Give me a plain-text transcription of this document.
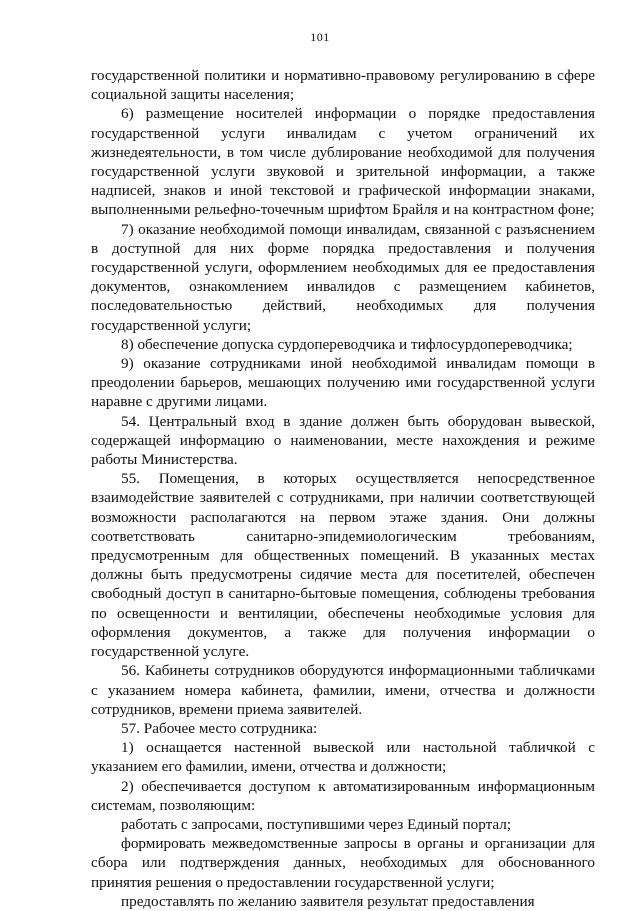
101

государственной политики и нормативно-правовому регулированию в сфере социальной защиты населения;

6) размещение носителей информации о порядке предоставления государственной услуги инвалидам с учетом ограничений их жизнедеятельности, в том числе дублирование необходимой для получения государственной услуги звуковой и зрительной информации, а также надписей, знаков и иной текстовой и графической информации знаками, выполненными рельефно-точечным шрифтом Брайля и на контрастном фоне;

7) оказание необходимой помощи инвалидам, связанной с разъяснением в доступной для них форме порядка предоставления и получения государственной услуги, оформлением необходимых для ее предоставления документов, ознакомлением инвалидов с размещением кабинетов, последовательностью действий, необходимых для получения государственной услуги;

8) обеспечение допуска сурдопереводчика и тифлосурдопереводчика;

9) оказание сотрудниками иной необходимой инвалидам помощи в преодолении барьеров, мешающих получению ими государственной услуги наравне с другими лицами.

54. Центральный вход в здание должен быть оборудован вывеской, содержащей информацию о наименовании, месте нахождения и режиме работы Министерства.

55. Помещения, в которых осуществляется непосредственное взаимодействие заявителей с сотрудниками, при наличии соответствующей возможности располагаются на первом этаже здания. Они должны соответствовать санитарно-эпидемиологическим требованиям, предусмотренным для общественных помещений. В указанных местах должны быть предусмотрены сидячие места для посетителей, обеспечен свободный доступ в санитарно-бытовые помещения, соблюдены требования по освещенности и вентиляции, обеспечены необходимые условия для оформления документов, а также для получения информации о государственной услуге.

56. Кабинеты сотрудников оборудуются информационными табличками с указанием номера кабинета, фамилии, имени, отчества и должности сотрудников, времени приема заявителей.

57. Рабочее место сотрудника:

1) оснащается настенной вывеской или настольной табличкой с указанием его фамилии, имени, отчества и должности;

2) обеспечивается доступом к автоматизированным информационным системам, позволяющим:

работать с запросами, поступившими через Единый портал;

формировать межведомственные запросы в органы и организации для сбора или подтверждения данных, необходимых для обоснованного принятия решения о предоставлении государственной услуги;

предоставлять по желанию заявителя результат предоставления
